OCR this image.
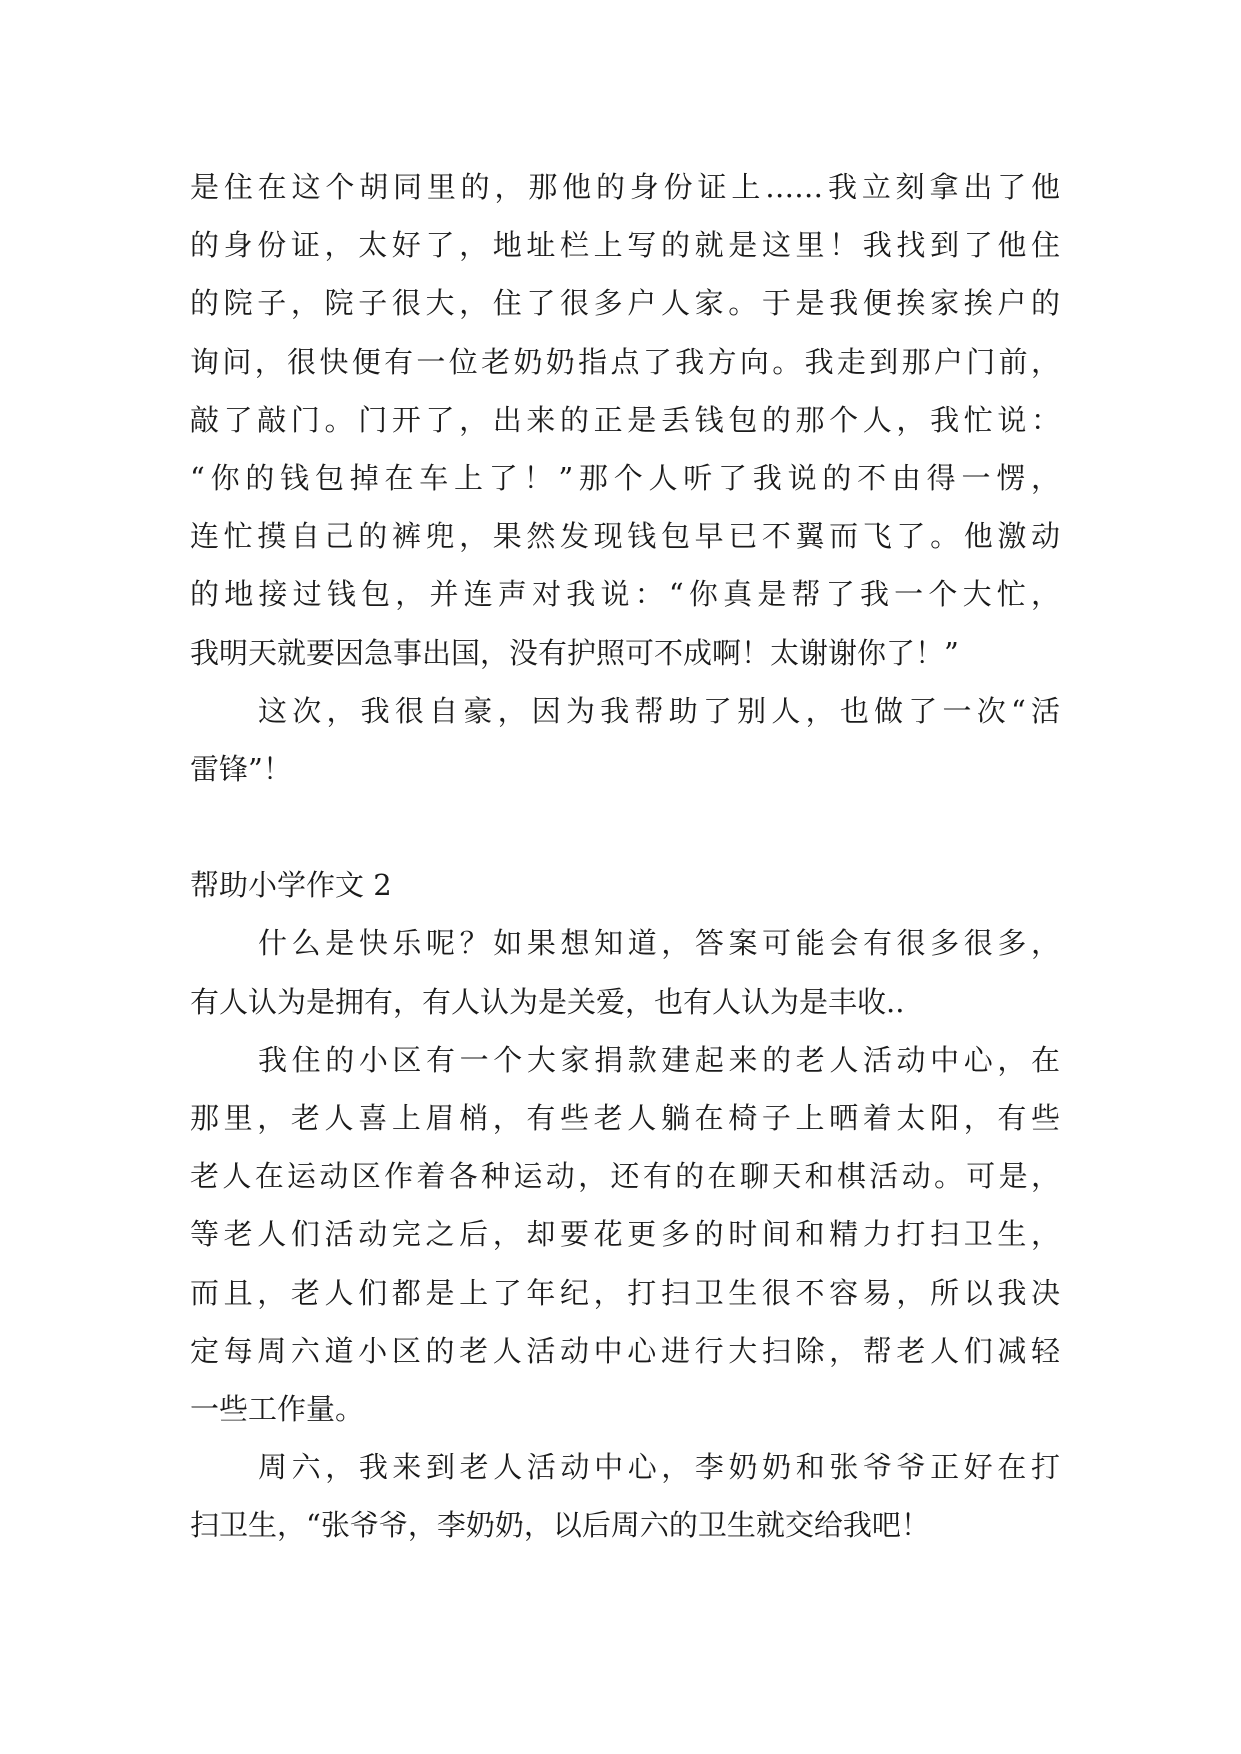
是住在这个胡同里的，那他的身份证上……我立刻拿出了他
的身份证，太好了，地址栏上写的就是这里！我找到了他住
的院子，院子很大，住了很多户人家。于是我便挨家挨户的
询问，很快便有一位老奶奶指点了我方向。我走到那户门前，
敲了敲门。门开了，出来的正是丢钱包的那个人，我忙说：
“你的钱包掉在车上了！”那个人听了我说的不由得一愣，
连忙摸自己的裤兜，果然发现钱包早已不翼而飞了。他激动
的地接过钱包，并连声对我说：“你真是帮了我一个大忙，
我明天就要因急事出国，没有护照可不成啊！太谢谢你了！”
这次，我很自豪，因为我帮助了别人，也做了一次“活
雷锋”！
帮助小学作文 2
什么是快乐呢？如果想知道，答案可能会有很多很多，
有人认为是拥有，有人认为是关爱，也有人认为是丰收..
我住的小区有一个大家捐款建起来的老人活动中心，在
那里，老人喜上眉梢，有些老人躺在椅子上晒着太阳，有些
老人在运动区作着各种运动，还有的在聊天和棋活动。可是，
等老人们活动完之后，却要花更多的时间和精力打扫卫生，
而且，老人们都是上了年纪，打扫卫生很不容易，所以我决
定每周六道小区的老人活动中心进行大扫除，帮老人们减轻
一些工作量。
周六，我来到老人活动中心，李奶奶和张爷爷正好在打
扫卫生，“张爷爷，李奶奶，以后周六的卫生就交给我吧！
